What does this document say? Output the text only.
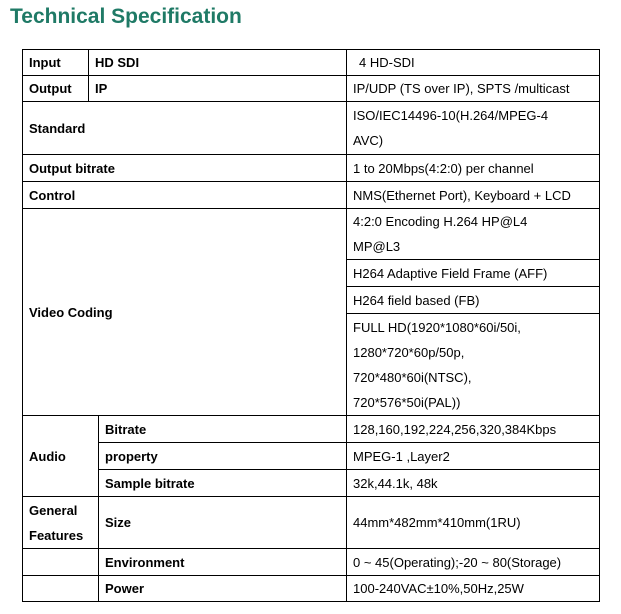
Technical Specification
Input	HD SDI		4 HD-SDI
Output	IP		IP/UDP (TS over IP), SPTS /multicast
Standard			ISO/IEC14496-10(H.264/MPEG-4
AVC)

Output bitrate			1 to 20Mbps(4:2:0) per channel
Control			NMS(Ethernet Port), Keyboard + LCD
Video Coding			4:2:0 Encoding H.264 HP@L4
MP@L3

			H264 Adaptive Field Frame (AFF)
			H264 field based (FB)

			FULL HD(1920*1080*60i/50i,
1280*720*60p/50p,
720*480*60i(NTSC),
720*576*50i(PAL))

Audio		Bitrate	128,160,192,224,256,320,384Kbps
		property	MPEG-1 ,Layer2
		Sample bitrate	32k,44.1k, 48k
General Features		Size	44mm*482mm*410mm(1RU)
		Environment	0 ~ 45(Operating);-20 ~ 80(Storage)
		Power	100-240VAC±10%,50Hz,25W
